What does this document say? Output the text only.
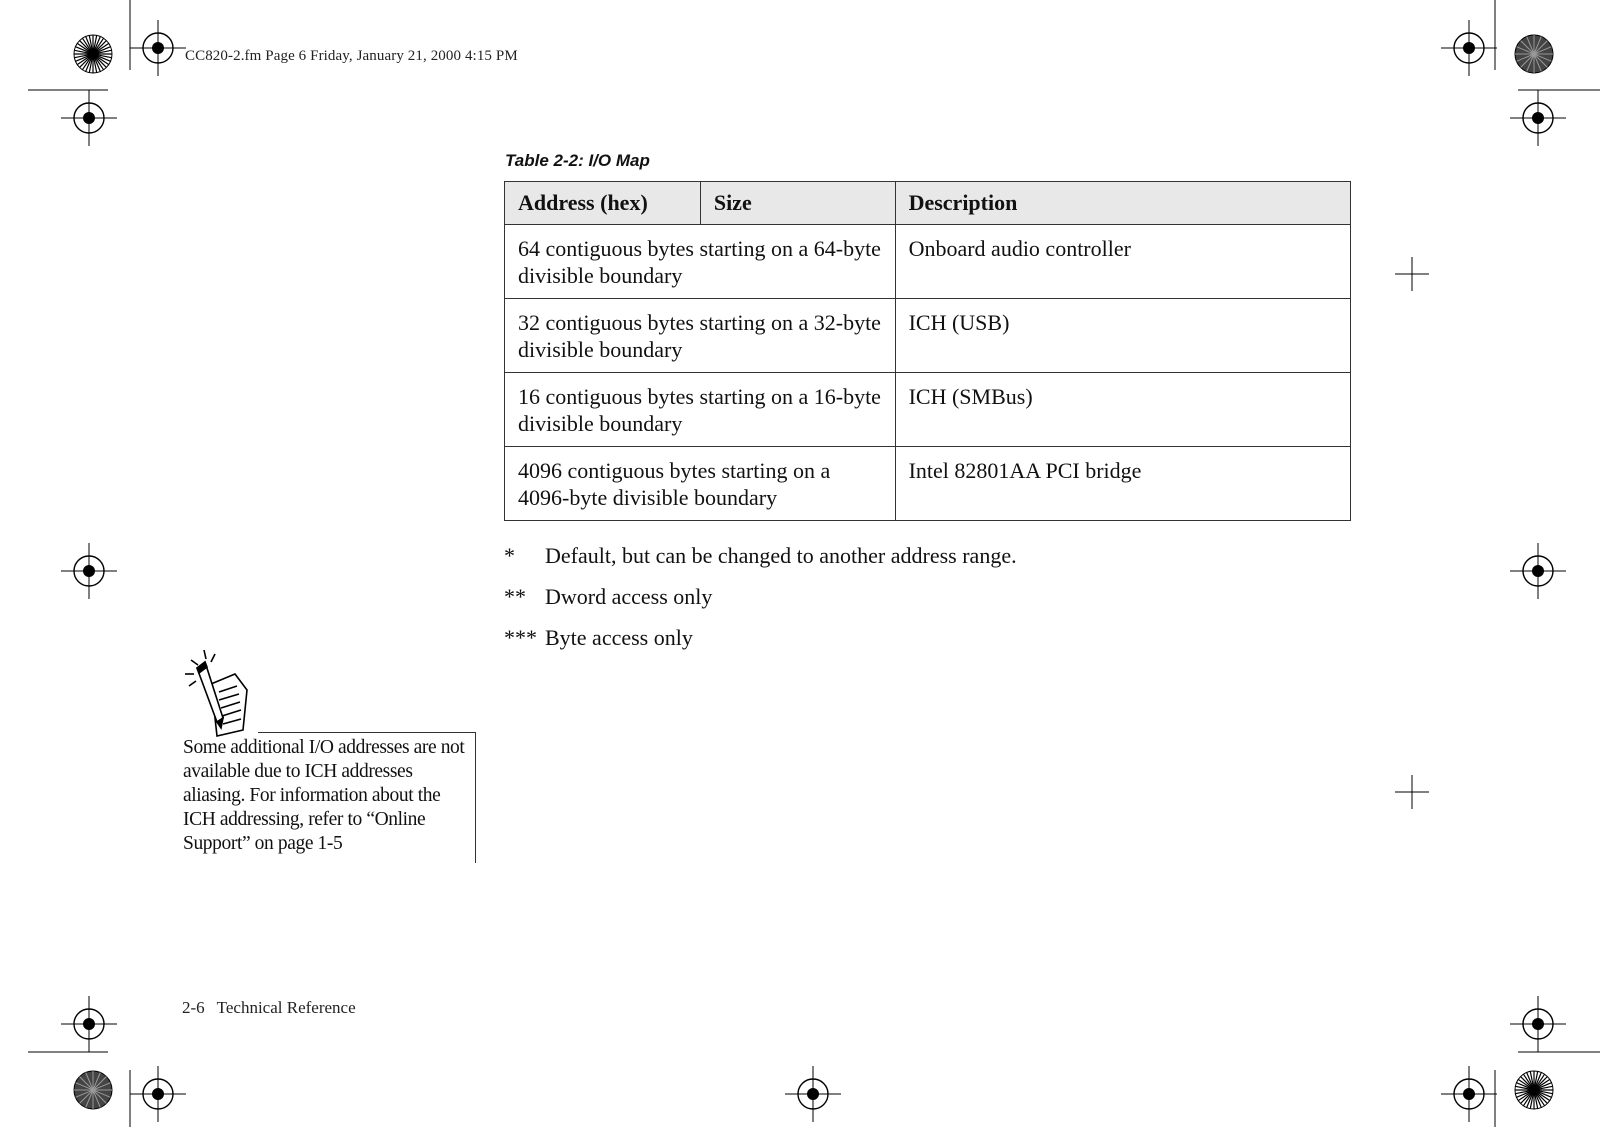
CC820-2.fm Page 6 Friday, January 21, 2000 4:15 PM
Table 2-2: I/O Map
Address (hex)	Size	Description
64 contiguous bytes starting on a 64-byte divisible boundary		Onboard audio controller
32 contiguous bytes starting on a 32-byte divisible boundary		ICH (USB)
16 contiguous bytes starting on a 16-byte divisible boundary		ICH (SMBus)
4096 contiguous bytes starting on a 4096-byte divisible boundary		Intel 82801AA PCI bridge
* Default, but can be changed to another address range.
** Dword access only
*** Byte access only
Some additional I/O addresses are not available due to ICH addresses aliasing. For information about the ICH addressing, refer to “Online Support” on page 1-5
2-6 Technical Reference
